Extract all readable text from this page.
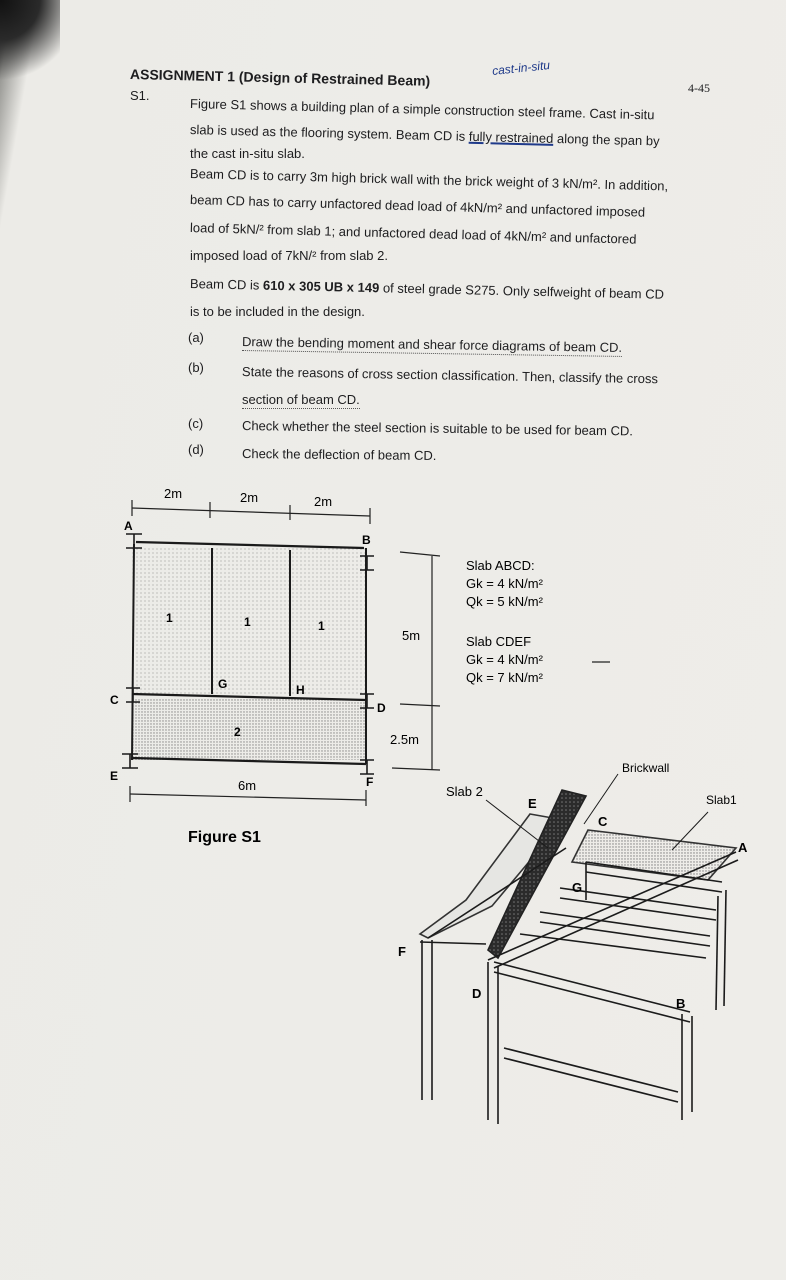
ASSIGNMENT 1 (Design of Restrained Beam)	cast-in-situ
4-45
S1.
Figure S1 shows a building plan of a simple construction steel frame. Cast in-situ
slab is used as the flooring system. Beam CD is fully restrained along the span by
the cast in-situ slab.
Beam CD is to carry 3m high brick wall with the brick weight of 3 kN/m². In addition,
beam CD has to carry unfactored dead load of 4kN/m² and unfactored imposed
load of 5kN/² from slab 1; and unfactored dead load of 4kN/m² and unfactored
imposed load of 7kN/² from slab 2.
Beam CD is 610 x 305 UB x 149 of steel grade S275. Only selfweight of beam CD
is to be included in the design.
(a)	Draw the bending moment and shear force diagrams of beam CD.
(b)	State the reasons of cross section classification. Then, classify the cross
section of beam CD.
(c)	Check whether the steel section is suitable to be used for beam CD.
(d)	Check the deflection of beam CD.
2m	2m	2m
A
B
C
D
E	F
G	H
1	1	1
2
6m
5m
2.5m
Slab ABCD:
Gk = 4 kN/m²
Qk = 5 kN/m²
Slab CDEF
Gk = 4 kN/m²
Qk = 7 kN/m²
Figure S1
Brickwall
Slab1
Slab 2
A
B
C
D
E
F
G
